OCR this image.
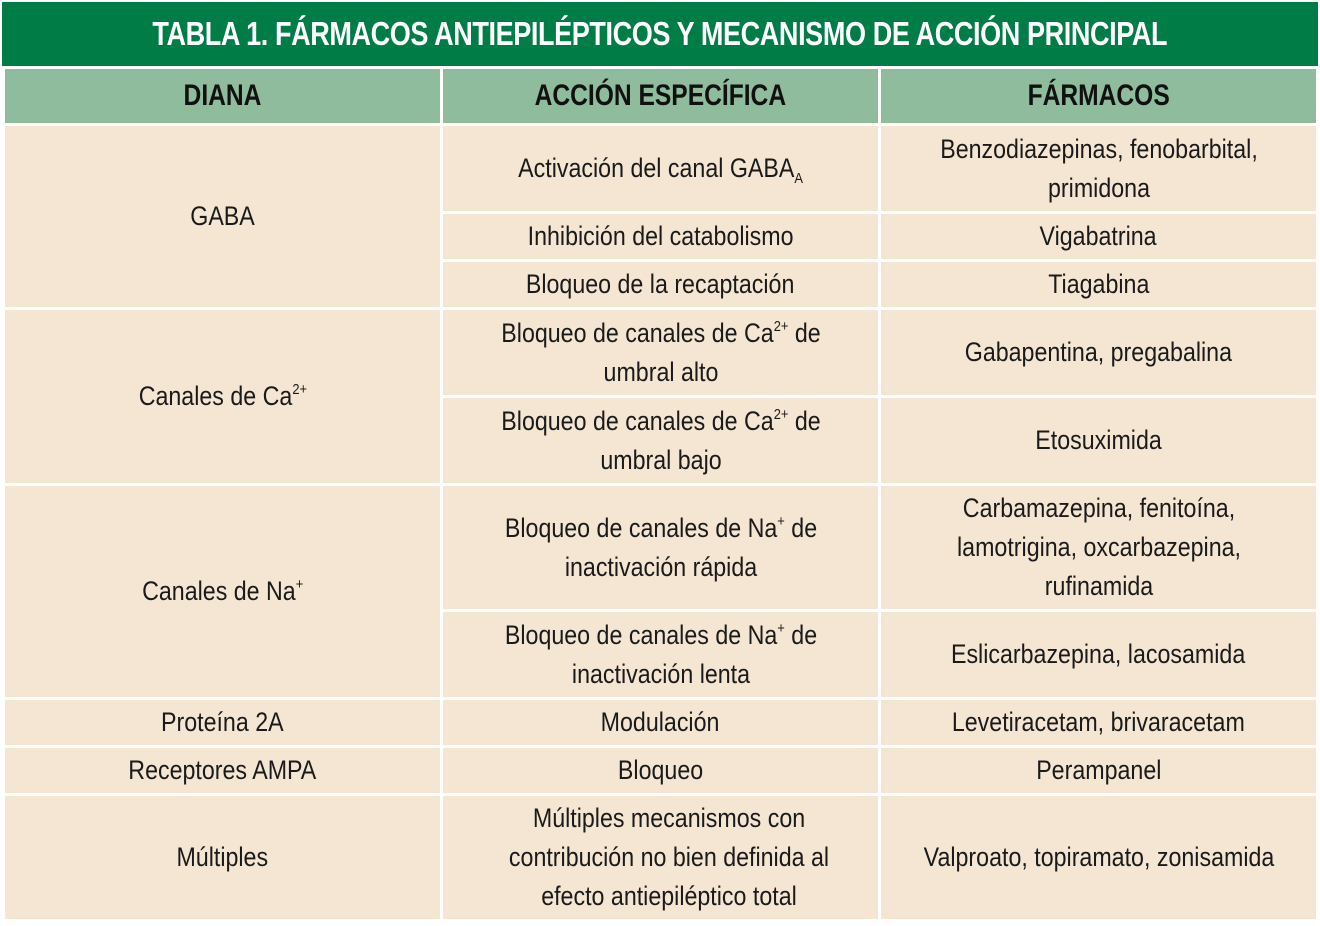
TABLA 1. FÁRMACOS ANTIEPILÉPTICOS Y MECANISMO DE ACCIÓN PRINCIPAL
DIANA	ACCIÓN ESPECÍFICA	FÁRMACOS
GABA	Activación del canal $GABA_A$	Benzodiazepinas, fenobarbital, primidona
	Inhibición del catabolismo	Vigabatrina
	Bloqueo de la recaptación	Tiagabina
Canales de $Ca^{2+}$	Bloqueo de canales de $Ca^{2+}$ de umbral alto	Gabapentina, pregabalina
	Bloqueo de canales de $Ca^{2+}$ de umbral bajo	Etosuximida
Canales de Na+	Bloqueo de canales de Na+ de inactivación rápida	Carbamazepina, fenitoína, lamotrigina, oxcarbazepina, rufinamida
	Bloqueo de canales de Na+ de inactivación lenta	Eslicarbazepina, lacosamida
Proteína 2A	Modulación	Levetiracetam, brivaracetam
Receptores AMPA	Bloqueo	Perampanel
Múltiples	Múltiples mecanismos con contribución no bien definida al efecto antiepiléptico total	Valproato, topiramato, zonisamida
